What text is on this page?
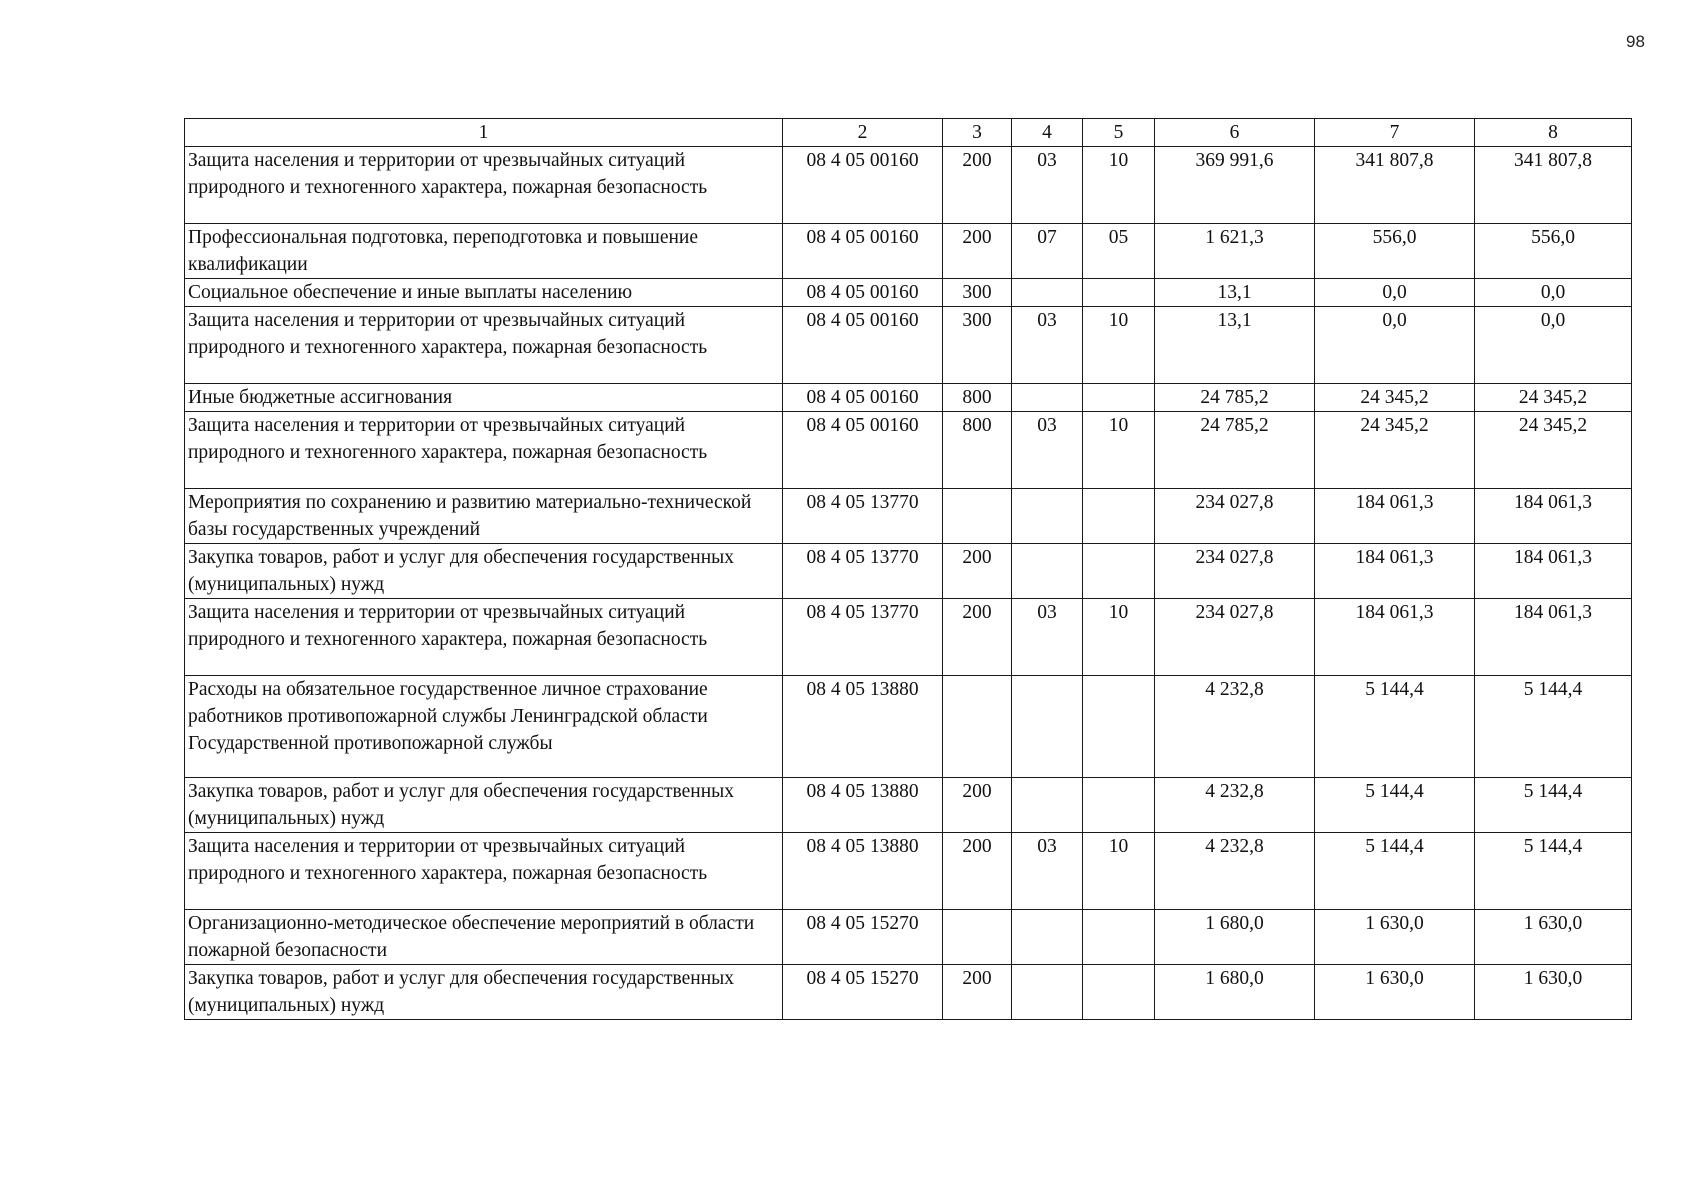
98
1	2	3	4	5	6	7	8
Защита населения и территории от чрезвычайных ситуаций природного и техногенного характера, пожарная безопасность	08 4 05 00160	200	03	10	369 991,6	341 807,8	341 807,8
Профессиональная подготовка, переподготовка и повышение квалификации	08 4 05 00160	200	07	05	1 621,3	556,0	556,0
Социальное обеспечение и иные выплаты населению	08 4 05 00160	300			13,1	0,0	0,0
Защита населения и территории от чрезвычайных ситуаций природного и техногенного характера, пожарная безопасность	08 4 05 00160	300	03	10	13,1	0,0	0,0
Иные бюджетные ассигнования	08 4 05 00160	800			24 785,2	24 345,2	24 345,2
Защита населения и территории от чрезвычайных ситуаций природного и техногенного характера, пожарная безопасность	08 4 05 00160	800	03	10	24 785,2	24 345,2	24 345,2
Мероприятия по сохранению и развитию материально-технической базы государственных учреждений	08 4 05 13770				234 027,8	184 061,3	184 061,3
Закупка товаров, работ и услуг для обеспечения государственных (муниципальных) нужд	08 4 05 13770	200			234 027,8	184 061,3	184 061,3
Защита населения и территории от чрезвычайных ситуаций природного и техногенного характера, пожарная безопасность	08 4 05 13770	200	03	10	234 027,8	184 061,3	184 061,3
Расходы на обязательное государственное личное страхование работников противопожарной службы Ленинградской области Государственной противопожарной службы	08 4 05 13880				4 232,8	5 144,4	5 144,4
Закупка товаров, работ и услуг для обеспечения государственных (муниципальных) нужд	08 4 05 13880	200			4 232,8	5 144,4	5 144,4
Защита населения и территории от чрезвычайных ситуаций природного и техногенного характера, пожарная безопасность	08 4 05 13880	200	03	10	4 232,8	5 144,4	5 144,4
Организационно-методическое обеспечение мероприятий в области пожарной безопасности	08 4 05 15270				1 680,0	1 630,0	1 630,0
Закупка товаров, работ и услуг для обеспечения государственных (муниципальных) нужд	08 4 05 15270	200			1 680,0	1 630,0	1 630,0
